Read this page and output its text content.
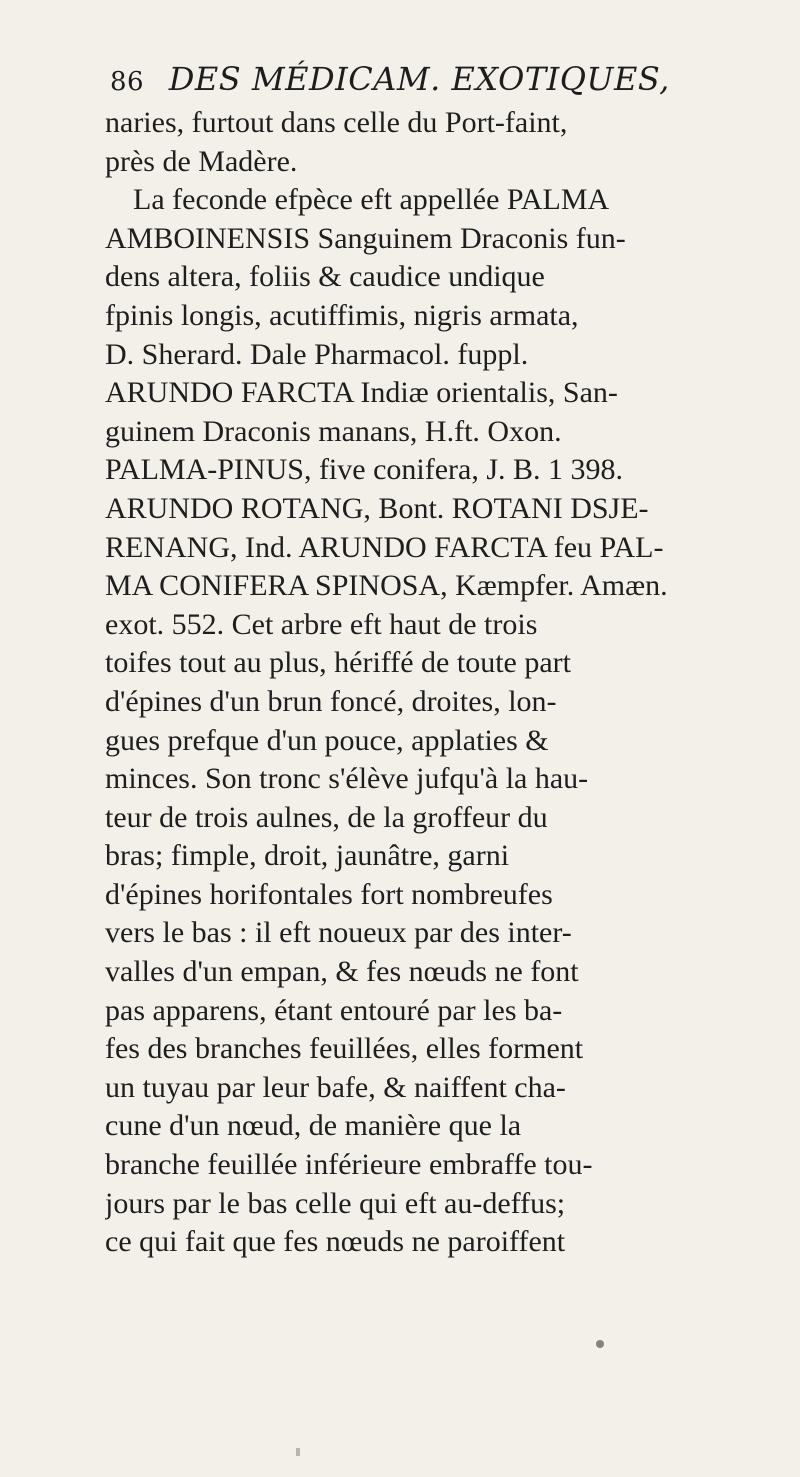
86 DES MÉDICAM. EXOTIQUES,
naries, furtout dans celle du Port-faint,
près de Madère.
La feconde efpèce eft appellée PALMA
AMBOINENSIS Sanguinem Draconis fun-
dens altera, foliis & caudice undique
fpinis longis, acutiffimis, nigris armata,
D. Sherard. Dale Pharmacol. fuppl.
ARUNDO FARCTA Indiæ orientalis, San-
guinem Draconis manans, H.ft. Oxon.
PALMA-PINUS, five conifera, J. B. 1 398.
ARUNDO ROTANG, Bont. ROTANI DSJE-
RENANG, Ind. ARUNDO FARCTA feu PAL-
MA CONIFERA SPINOSA, Kæmpfer. Amæn.
exot. 552. Cet arbre eft haut de trois
toifes tout au plus, hériffé de toute part
d'épines d'un brun foncé, droites, lon-
gues prefque d'un pouce, applaties &
minces. Son tronc s'élève jufqu'à la hau-
teur de trois aulnes, de la groffeur du
bras; fimple, droit, jaunâtre, garni
d'épines horifontales fort nombreufes
vers le bas : il eft noueux par des inter-
valles d'un empan, & fes nœuds ne font
pas apparens, étant entouré par les ba-
fes des branches feuillées, elles forment
un tuyau par leur bafe, & naiffent cha-
cune d'un nœud, de manière que la
branche feuillée inférieure embraffe tou-
jours par le bas celle qui eft au-deffus;
ce qui fait que fes nœuds ne paroiffent
